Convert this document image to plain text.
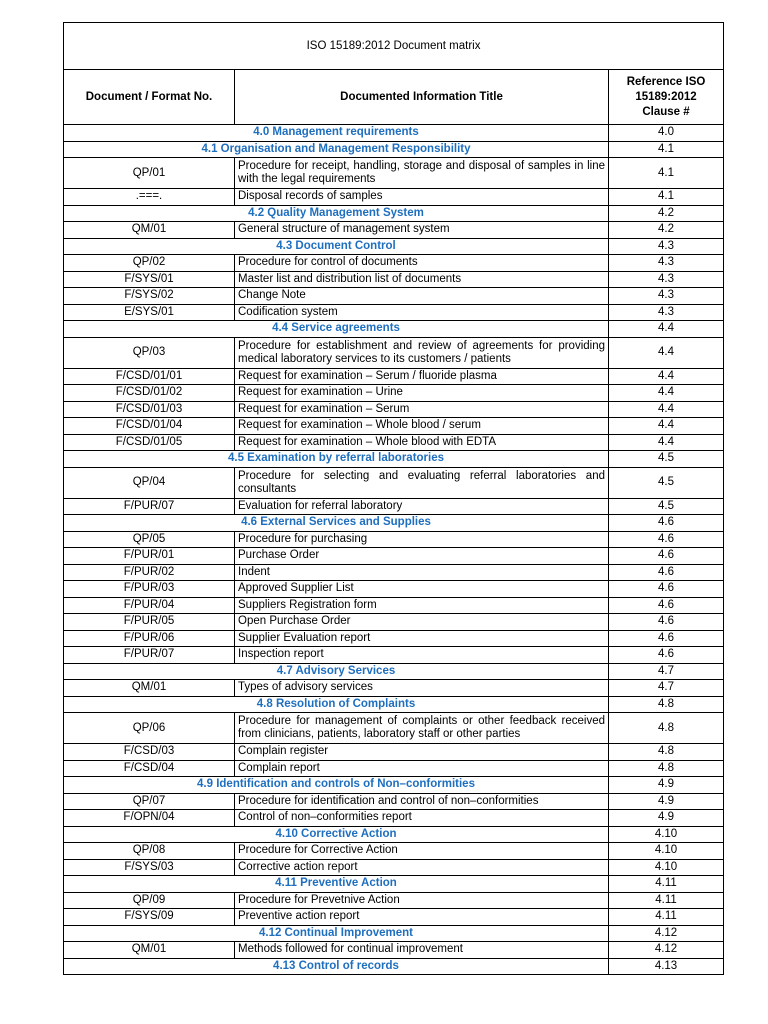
ISO 15189:2012 Document matrix		
Document / Format No.	Documented Information Title	Reference ISO
15189:2012
Clause #
4.0 Management requirements		4.0
4.1 Organisation and Management Responsibility		4.1
QP/01	Procedure for receipt, handling, storage and disposal of samples in line with the legal requirements	4.1
.===.	Disposal records of samples	4.1
4.2 Quality Management System		4.2
QM/01	General structure of management system	4.2
4.3 Document Control		4.3
QP/02	Procedure for control of documents	4.3
F/SYS/01	Master list and distribution list of documents	4.3
F/SYS/02	Change Note	4.3
E/SYS/01	Codification system	4.3
4.4 Service agreements		4.4
QP/03	Procedure for establishment and review of agreements for providing medical laboratory services to its customers / patients	4.4
F/CSD/01/01	Request for examination – Serum / fluoride plasma	4.4
F/CSD/01/02	Request for examination – Urine	4.4
F/CSD/01/03	Request for examination – Serum	4.4
F/CSD/01/04	Request for examination – Whole blood / serum	4.4
F/CSD/01/05	Request for examination – Whole blood with EDTA	4.4
4.5 Examination by referral laboratories		4.5
QP/04	Procedure for selecting and evaluating referral laboratories and consultants	4.5
F/PUR/07	Evaluation for referral laboratory	4.5
4.6 External Services and Supplies		4.6
QP/05	Procedure for purchasing	4.6
F/PUR/01	Purchase Order	4.6
F/PUR/02	Indent	4.6
F/PUR/03	Approved Supplier List	4.6
F/PUR/04	Suppliers Registration form	4.6
F/PUR/05	Open Purchase Order	4.6
F/PUR/06	Supplier Evaluation report	4.6
F/PUR/07	Inspection report	4.6
4.7 Advisory Services		4.7
QM/01	Types of advisory services	4.7
4.8 Resolution of Complaints		4.8
QP/06	Procedure for management of complaints or other feedback received from clinicians, patients, laboratory staff or other parties	4.8
F/CSD/03	Complain register	4.8
F/CSD/04	Complain report	4.8
4.9 Identification and controls of Non–conformities		4.9
QP/07	Procedure for identification and control of non–conformities	4.9
F/OPN/04	Control of non–conformities report	4.9
4.10 Corrective Action		4.10
QP/08	Procedure for Corrective Action	4.10
F/SYS/03	Corrective action report	4.10
4.11 Preventive Action		4.11
QP/09	Procedure for Prevetnive Action	4.11
F/SYS/09	Preventive action report	4.11
4.12 Continual Improvement		4.12
QM/01	Methods followed for continual improvement	4.12
4.13 Control of records		4.13
